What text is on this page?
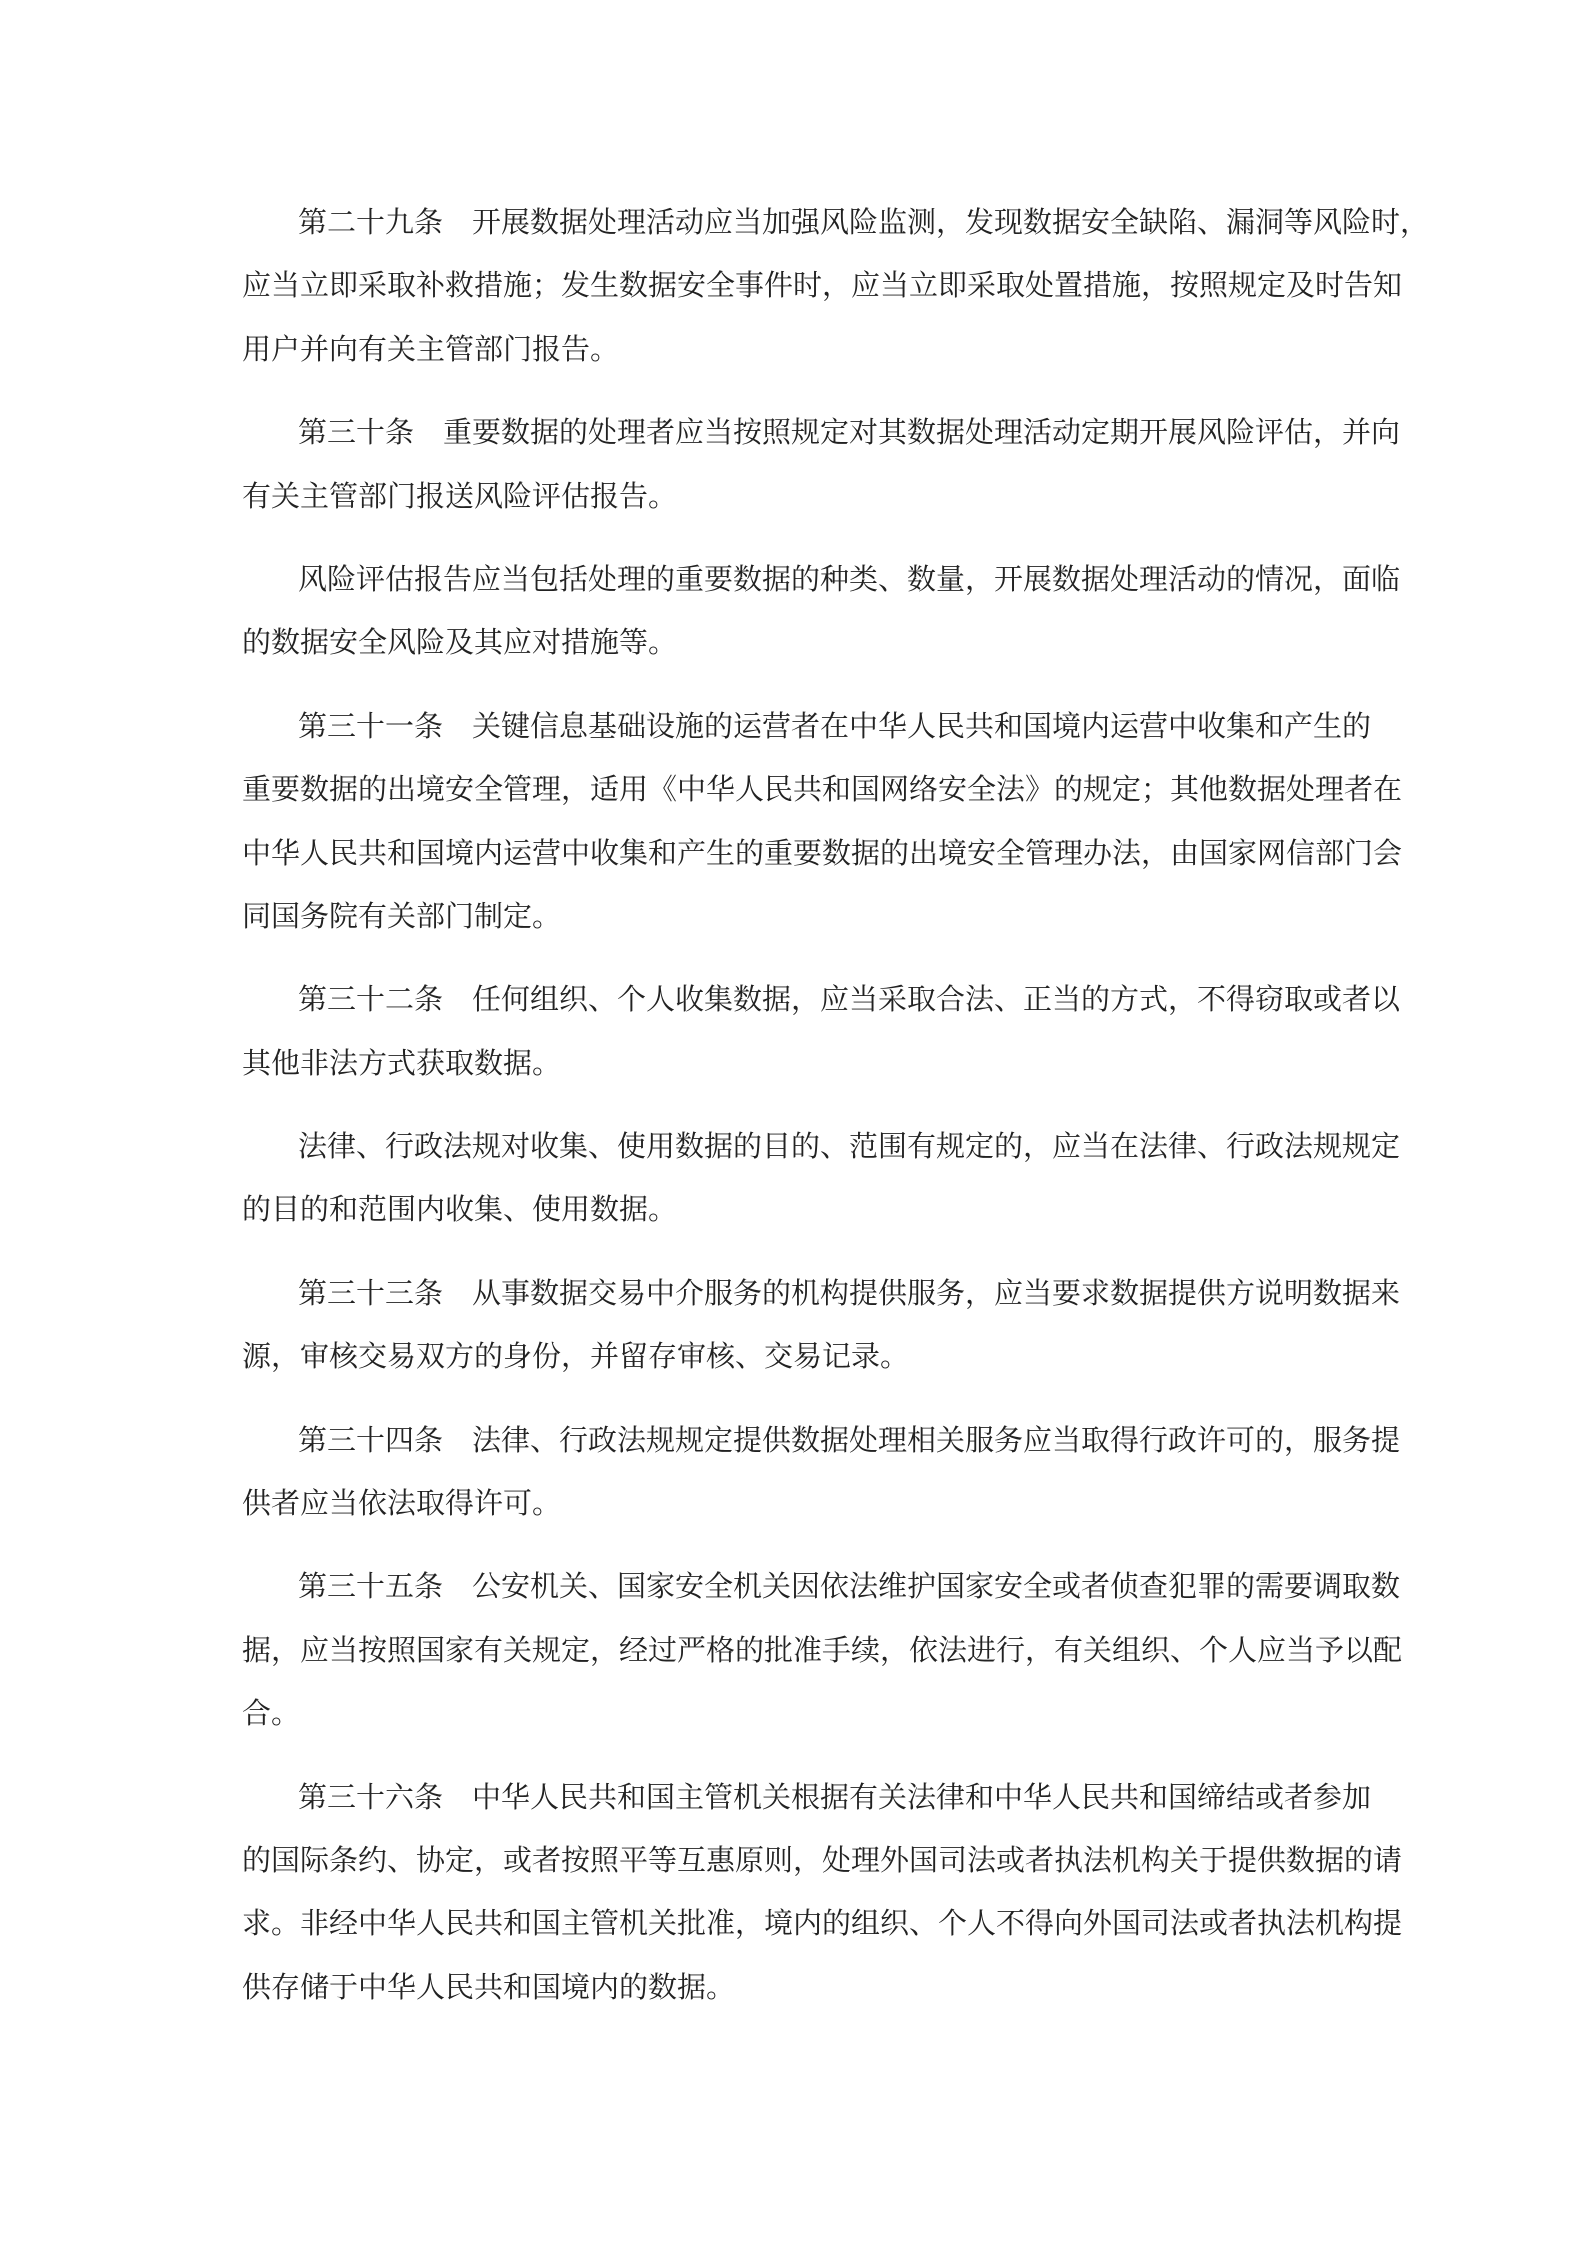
第二十九条　开展数据处理活动应当加强风险监测，发现数据安全缺陷、漏洞等风险时，
应当立即采取补救措施；发生数据安全事件时，应当立即采取处置措施，按照规定及时告知
用户并向有关主管部门报告。
第三十条　重要数据的处理者应当按照规定对其数据处理活动定期开展风险评估，并向
有关主管部门报送风险评估报告。
风险评估报告应当包括处理的重要数据的种类、数量，开展数据处理活动的情况，面临
的数据安全风险及其应对措施等。
第三十一条　关键信息基础设施的运营者在中华人民共和国境内运营中收集和产生的
重要数据的出境安全管理，适用《中华人民共和国网络安全法》的规定；其他数据处理者在
中华人民共和国境内运营中收集和产生的重要数据的出境安全管理办法，由国家网信部门会
同国务院有关部门制定。
第三十二条　任何组织、个人收集数据，应当采取合法、正当的方式，不得窃取或者以
其他非法方式获取数据。
法律、行政法规对收集、使用数据的目的、范围有规定的，应当在法律、行政法规规定
的目的和范围内收集、使用数据。
第三十三条　从事数据交易中介服务的机构提供服务，应当要求数据提供方说明数据来
源，审核交易双方的身份，并留存审核、交易记录。
第三十四条　法律、行政法规规定提供数据处理相关服务应当取得行政许可的，服务提
供者应当依法取得许可。
第三十五条　公安机关、国家安全机关因依法维护国家安全或者侦查犯罪的需要调取数
据，应当按照国家有关规定，经过严格的批准手续，依法进行，有关组织、个人应当予以配
合。
第三十六条　中华人民共和国主管机关根据有关法律和中华人民共和国缔结或者参加
的国际条约、协定，或者按照平等互惠原则，处理外国司法或者执法机构关于提供数据的请
求。非经中华人民共和国主管机关批准，境内的组织、个人不得向外国司法或者执法机构提
供存储于中华人民共和国境内的数据。
